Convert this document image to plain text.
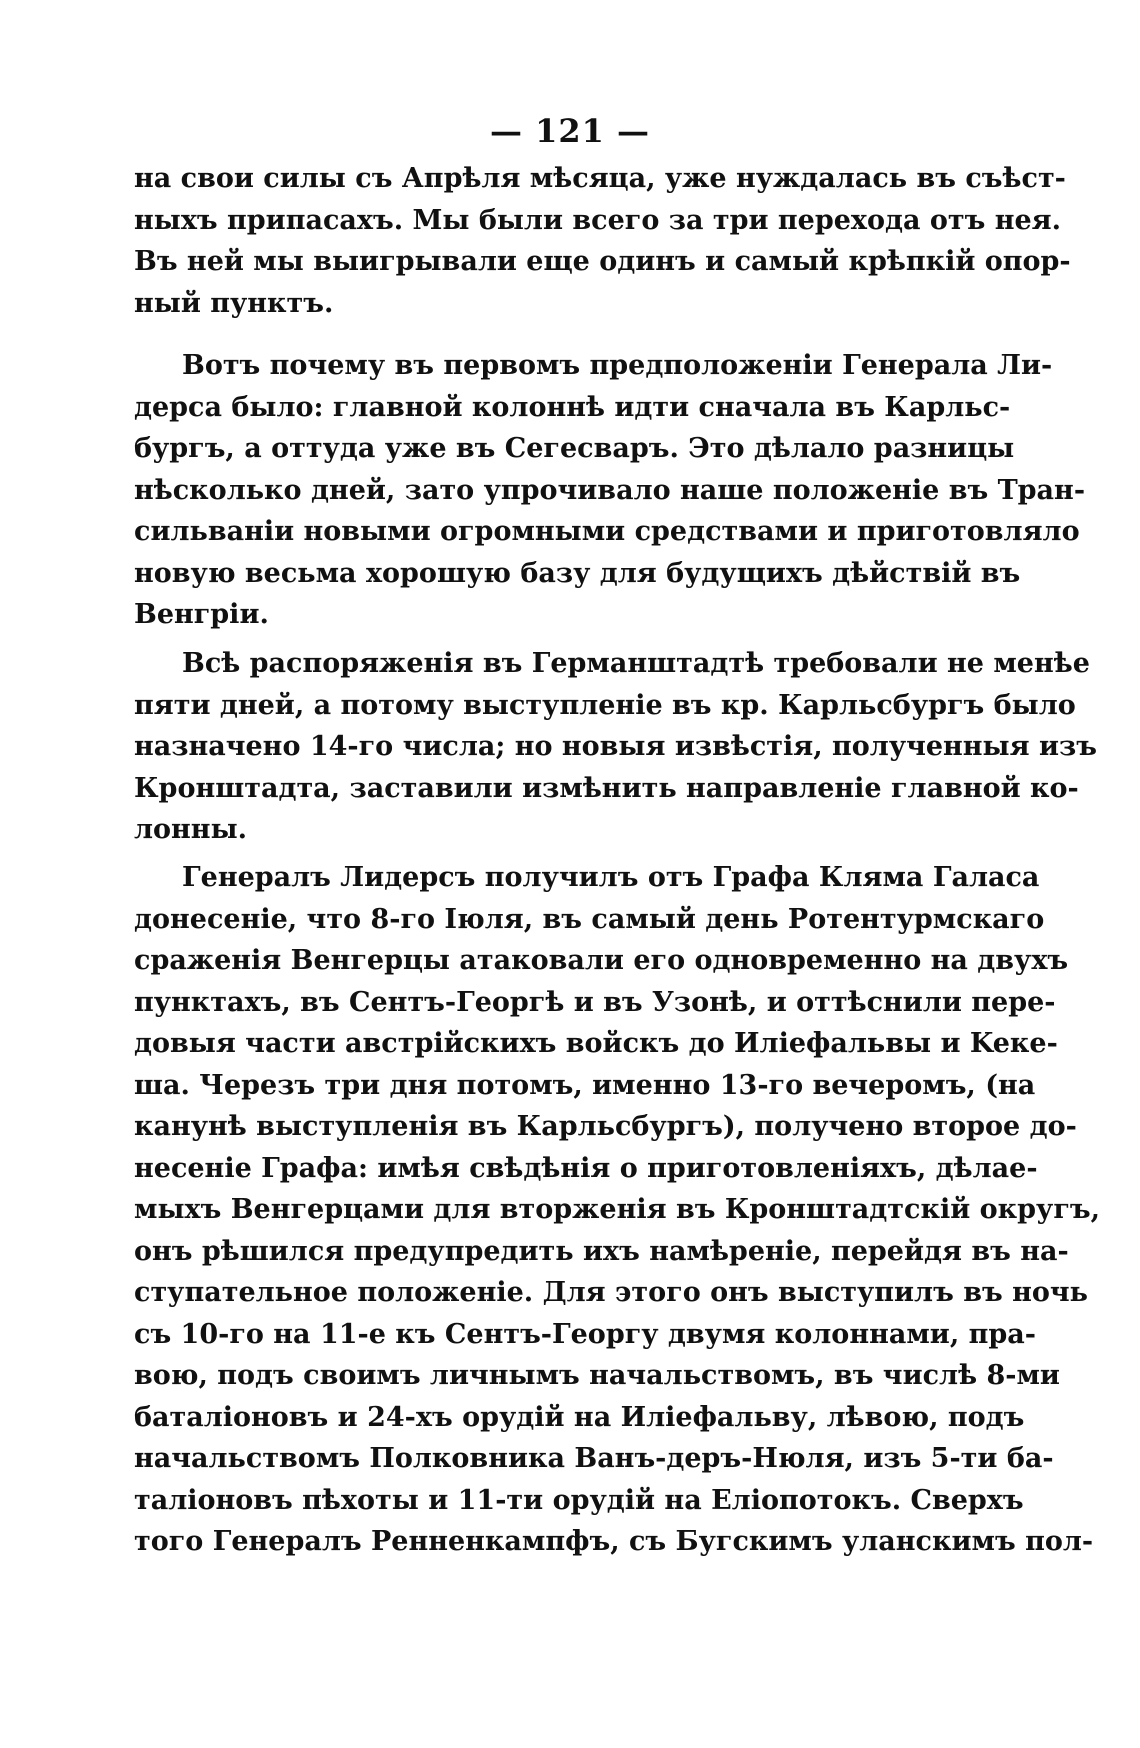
— 121 —
на свои силы съ Апрѣля мѣсяца, уже нуждалась въ съѣст-
ныхъ припасахъ. Мы были всего за три перехода отъ нея.
Въ ней мы выигрывали еще одинъ и самый крѣпкій опор-
ный пунктъ.
Вотъ почему въ первомъ предположеніи Генерала Ли-
дерса было: главной колоннѣ идти сначала въ Карльс-
бургъ, а оттуда уже въ Сегесваръ. Это дѣлало разницы
нѣсколько дней, зато упрочивало наше положеніе въ Тран-
сильваніи новыми огромными средствами и приготовляло
новую весьма хорошую базу для будущихъ дѣйствій въ
Венгріи.
Всѣ распоряженія въ Германштадтѣ требовали не менѣе
пяти дней, а потому выступленіе въ кр. Карльсбургъ было
назначено 14-го числа; но новыя извѣстія, полученныя изъ
Кронштадта, заставили измѣнить направленіе главной ко-
лонны.
Генералъ Лидерсъ получилъ отъ Графа Кляма Галаса
донесеніе, что 8-го Іюля, въ самый день Ротентурмскаго
сраженія Венгерцы атаковали его одновременно на двухъ
пунктахъ, въ Сентъ-Георгѣ и въ Узонѣ, и оттѣснили пере-
довыя части австрійскихъ войскъ до Иліефальвы и Keке-
ша. Черезъ три дня потомъ, именно 13-го вечеромъ, (на
канунѣ выступленія въ Карльсбургъ), получено второе до-
несеніе Графа: имѣя свѣдѣнія о приготовленіяхъ, дѣлае-
мыхъ Венгерцами для вторженія въ Кронштадтскій округъ,
онъ рѣшился предупредить ихъ намѣреніе, перейдя въ на-
ступательное положеніе. Для этого онъ выступилъ въ ночь
съ 10-го на 11-е къ Сентъ-Георгу двумя колоннами, пра-
вою, подъ своимъ личнымъ начальствомъ, въ числѣ 8-ми
баталіоновъ и 24-хъ орудій на Иліефальву, лѣвою, подъ
начальствомъ Полковника Ванъ-деръ-Нюля, изъ 5-ти ба-
таліоновъ пѣхоты и 11-ти орудій на Еліопотокъ. Сверхъ
того Генералъ Ренненкампфъ, съ Бугскимъ уланскимъ пол-
